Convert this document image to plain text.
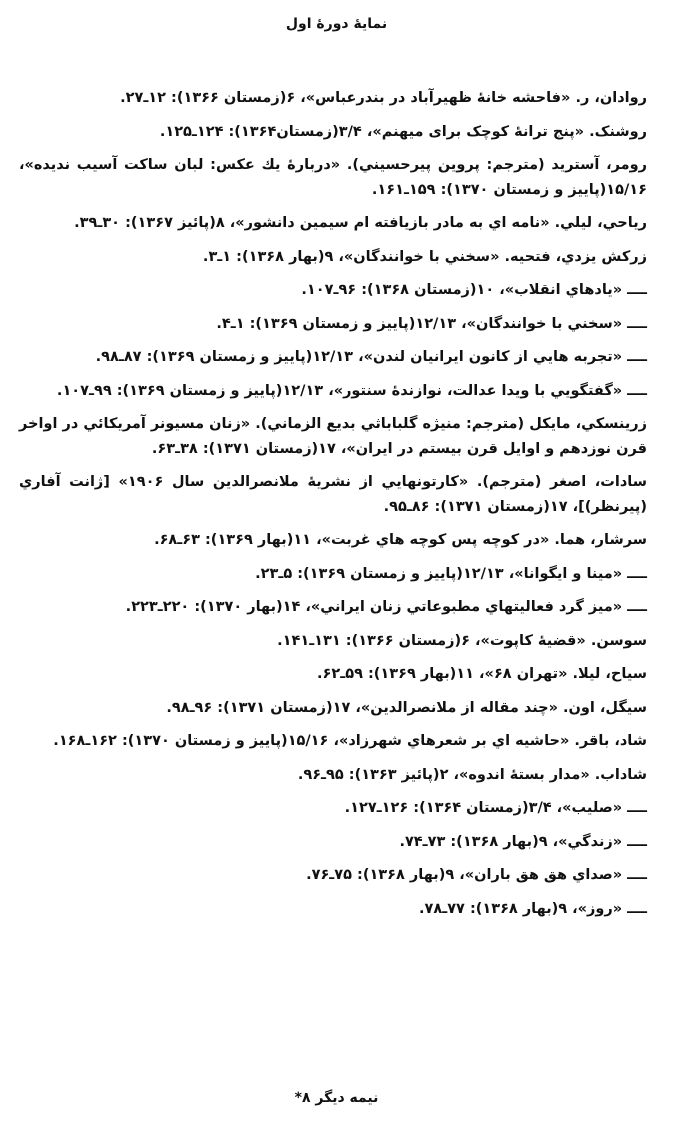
نمایهٔ دورهٔ اول
روادان، ر. «فاحشه خانهٔ ظهیرآباد در بندرعباس»، ۶(زمستان ۱۳۶۶): ۱۲ـ۲۷.
روشنک. «پنج ترانهٔ کوچک برای میهنم»، ۳/۴(زمستان۱۳۶۴): ۱۲۴ـ۱۲۵.
رومر، آستريد (مترجم: پروين پيرحسيني). «دربارهٔ يك عكس: لبان ساكت آسيب نديده»، ۱۵/۱۶(پاييز و زمستان ۱۳۷۰): ۱۵۹ـ۱۶۱.
رياحي، ليلي. «نامه اي به مادر بازيافته ام سيمين دانشور»، ۸(پائيز ۱۳۶۷): ۳۰ـ۳۹.
زركش يزدي، فتحيه. «سخني با خوانندگان»، ۹(بهار ۱۳۶۸): ۱ـ۳.
ــــ «يادهاي انقلاب»، ۱۰(زمستان ۱۳۶۸): ۹۶ـ۱۰۷.
ــــ «سخني با خوانندگان»، ۱۲/۱۳(پاييز و زمستان ۱۳۶۹): ۱ـ۴.
ــــ «تجربه هايي از كانون ايرانيان لندن»، ۱۲/۱۳(پاييز و زمستان ۱۳۶۹): ۸۷ـ۹۸.
ــــ «گفتگويي با ويدا عدالت، نوازندهٔ سنتور»، ۱۲/۱۳(پاييز و زمستان ۱۳۶۹): ۹۹ـ۱۰۷.
زرينسكي، مايكل (مترجم: منيژه گلباباثي بديع الزماني). «زنان مسيونر آمريكائي در اواخر قرن نوزدهم و اوايل قرن بيستم در ايران»، ۱۷(زمستان ۱۳۷۱): ۳۸ـ۶۳.
سادات، اصغر (مترجم). «كارتونهايي از نشريهٔ ملانصرالدين سال ۱۹۰۶» [ژانت آفاري (پيرنظر)]، ۱۷(زمستان ۱۳۷۱): ۸۶ـ۹۵.
سرشار، هما. «در كوچه پس كوچه هاي غربت»، ۱۱(بهار ۱۳۶۹): ۶۳ـ۶۸.
ــــ «مينا و ايگوانا»، ۱۲/۱۳(پاييز و زمستان ۱۳۶۹): ۵ـ۲۳.
ــــ «ميز گرد فعاليتهاي مطبوعاتي زنان ايراني»، ۱۴(بهار ۱۳۷۰): ۲۲۰ـ۲۲۳.
سوسن. «قضيهٔ كاپوت»، ۶(زمستان ۱۳۶۶): ۱۳۱ـ۱۴۱.
سياح، ليلا. «تهران ۶۸»، ۱۱(بهار ۱۳۶۹): ۵۹ـ۶۲.
سيگل، اون. «چند مقاله از ملانصرالدين»، ۱۷(زمستان ۱۳۷۱): ۹۶ـ۹۸.
شاد، باقر. «حاشيه اي بر شعرهاي شهرزاد»، ۱۵/۱۶(پاييز و زمستان ۱۳۷۰): ۱۶۲ـ۱۶۸.
شاداب. «مدار بستهٔ اندوه»، ۲(پائيز ۱۳۶۳): ۹۵ـ۹۶.
ــــ «صليب»، ۳/۴(زمستان ۱۳۶۴): ۱۲۶ـ۱۲۷.
ــــ «زندگي»، ۹(بهار ۱۳۶۸): ۷۳ـ۷۴.
ــــ «صداي هق هق باران»، ۹(بهار ۱۳۶۸): ۷۵ـ۷۶.
ــــ «روز»، ۹(بهار ۱۳۶۸): ۷۷ـ۷۸.
نيمه ديگر ۸*
